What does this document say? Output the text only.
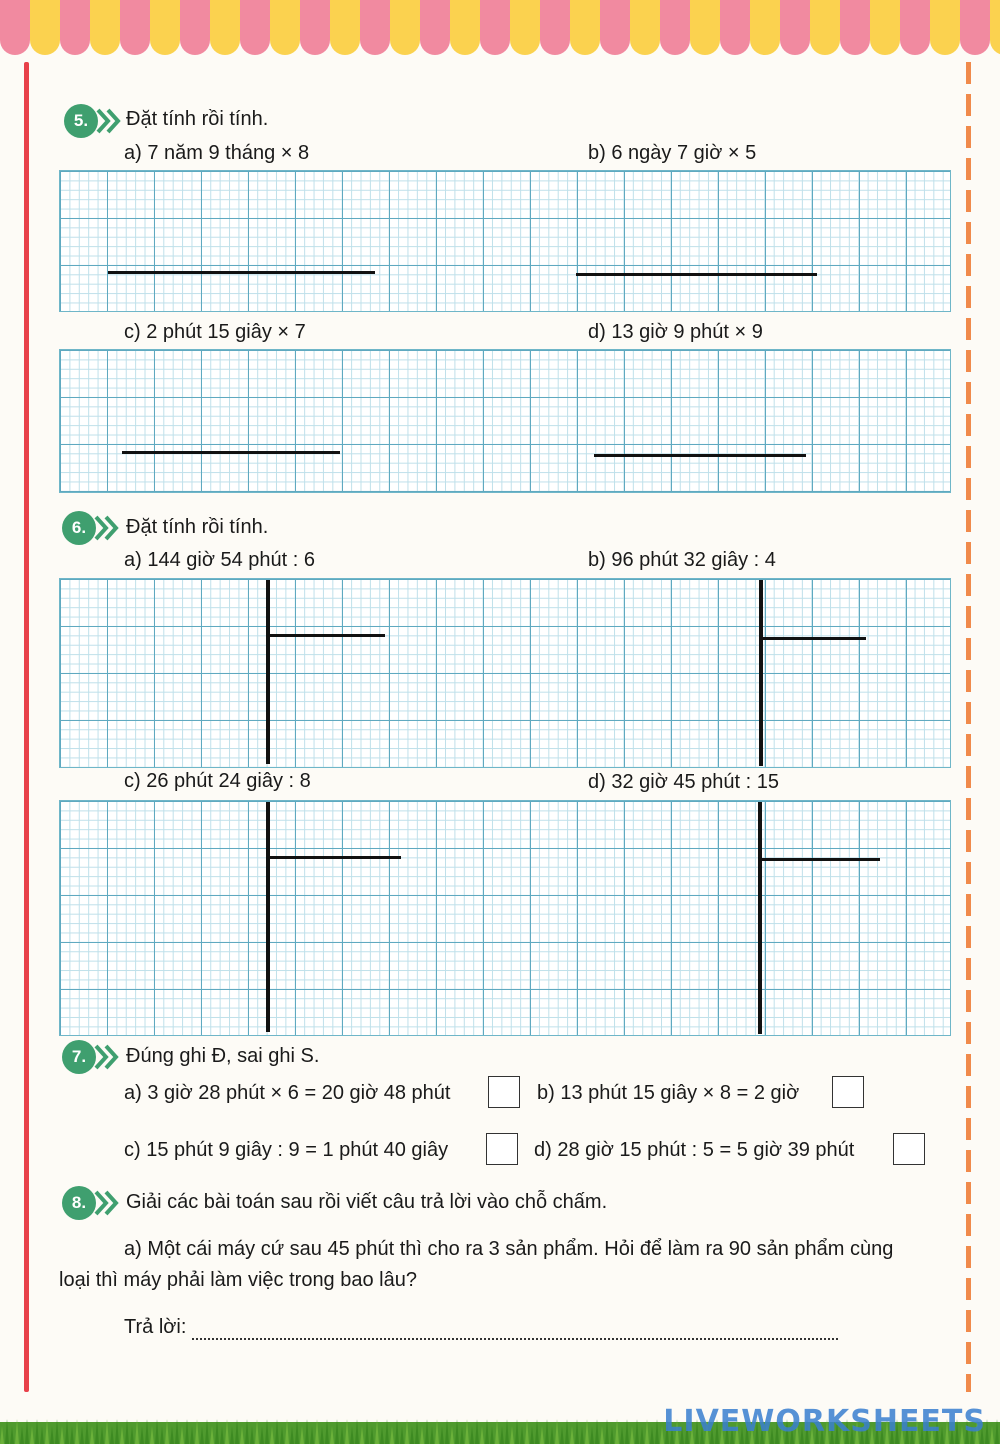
5. Đặt tính rồi tính.
a) 7 năm 9 tháng × 8	b) 6 ngày 7 giờ × 5
c) 2 phút 15 giây × 7	d) 13 giờ 9 phút × 9
6. Đặt tính rồi tính.
a) 144 giờ 54 phút : 6	b) 96 phút 32 giây : 4
c) 26 phút 24 giây : 8	d) 32 giờ 45 phút : 15
7. Đúng ghi Đ, sai ghi S.
a) 3 giờ 28 phút × 6 = 20 giờ 48 phút	b) 13 phút 15 giây × 8 = 2 giờ
c) 15 phút 9 giây : 9 = 1 phút 40 giây	d) 28 giờ 15 phút : 5 = 5 giờ 39 phút
8. Giải các bài toán sau rồi viết câu trả lời vào chỗ chấm.
a) Một cái máy cứ sau 45 phút thì cho ra 3 sản phẩm. Hỏi để làm ra 90 sản phẩm cùng
loại thì máy phải làm việc trong bao lâu?
Trả lời:
LIVEWORKSHEETS
